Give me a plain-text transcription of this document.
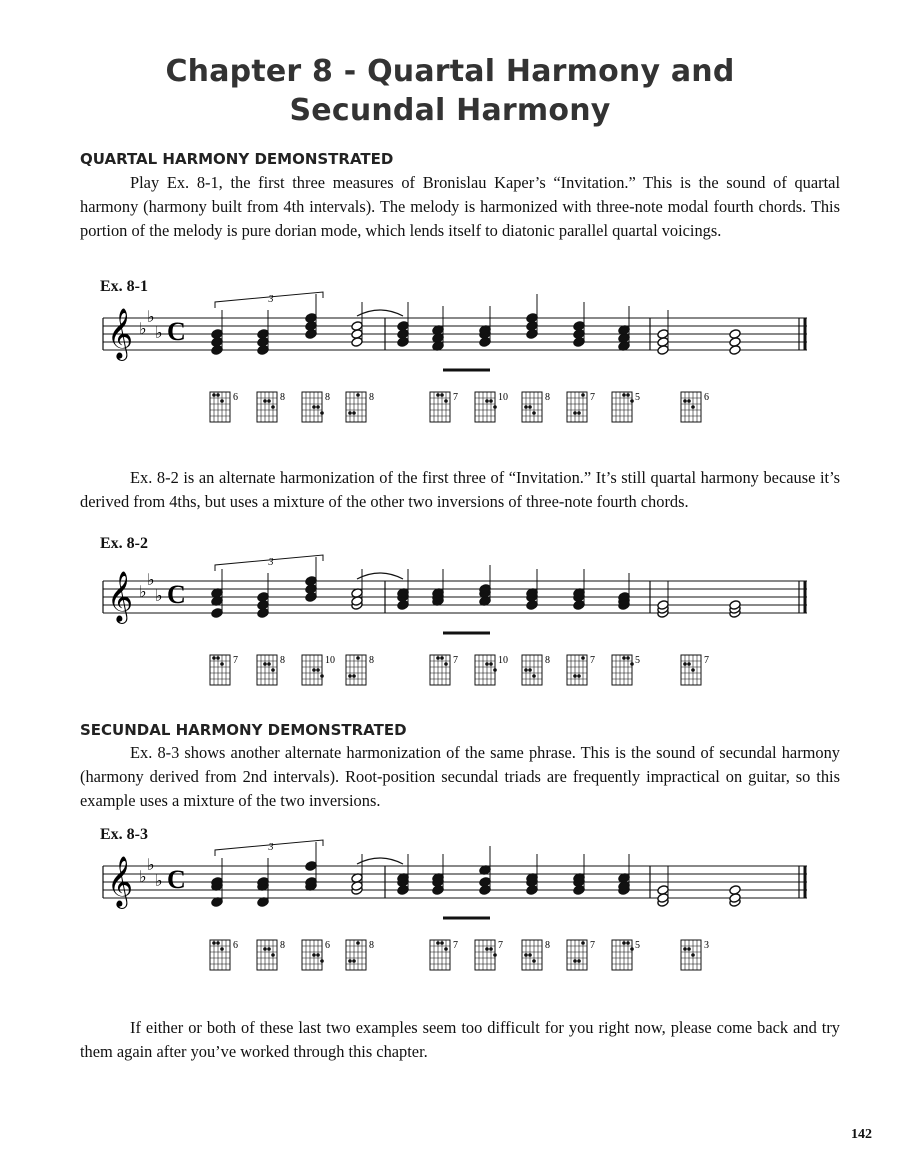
Chapter 8 - Quartal Harmony and
Secundal Harmony
QUARTAL HARMONY DEMONSTRATED

Play Ex. 8-1, the first three measures of Bronislau Kaper’s “Invitation.” This is the sound of quartal harmony (harmony built from 4th intervals). The melody is harmonized with three-note modal fourth chords. This portion of the melody is pure dorian mode, which lends itself to diatonic parallel quartal voicings.

Ex. 8-1
𝄞 ♭
♭
♭ C
3
6	8	8	8	7	10	8	7	5	6

Ex. 8-2 is an alternate harmonization of the first three of “Invitation.” It’s still quartal harmony because it’s derived from 4ths, but uses a mixture of the other two inversions of three-note fourth chords.

Ex. 8-2
𝄞 ♭
♭
♭ C
3
7	8	10	8	7	10	8	7	5	7
SECUNDAL HARMONY DEMONSTRATED

Ex. 8-3 shows another alternate harmonization of the same phrase. This is the sound of secundal harmony (harmony derived from 2nd intervals). Root-position secundal triads are frequently impractical on guitar, so this example uses a mixture of the two inversions.

Ex. 8-3
𝄞 ♭
♭
♭ C
3
6	8	6	8	7	7	8	7	5	3

If either or both of these last two examples seem too difficult for you right now, please come back and try them again after you’ve worked through this chapter.

142
